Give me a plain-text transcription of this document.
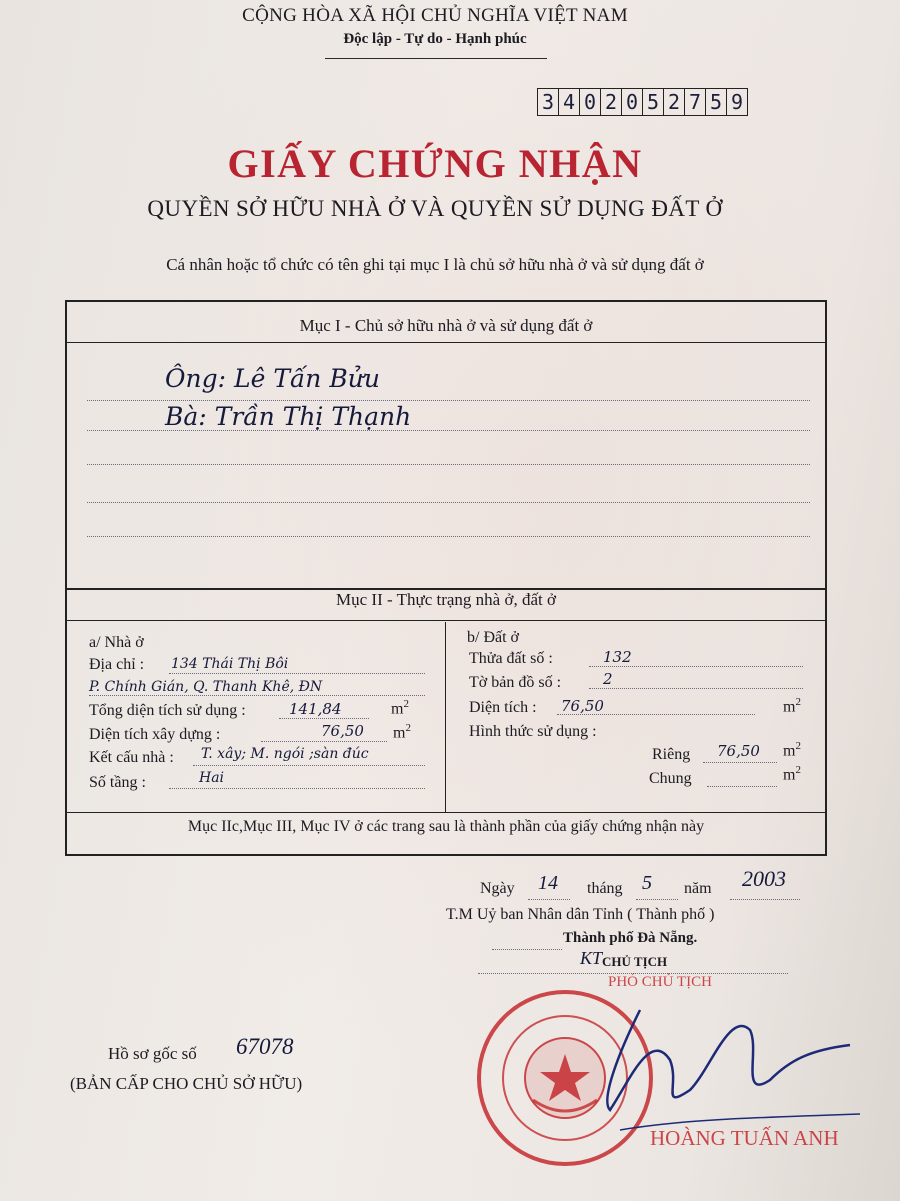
CỘNG HÒA XÃ HỘI CHỦ NGHĨA VIỆT NAM
Độc lập - Tự do - Hạnh phúc
3 4 0 2 0 5 2 7 5 9
GIẤY CHỨNG NHẬN
QUYỀN SỞ HỮU NHÀ Ở VÀ QUYỀN SỬ DỤNG ĐẤT Ở
Cá nhân hoặc tổ chức có tên ghi tại mục I là chủ sở hữu nhà ở và sử dụng đất ở
Mục I - Chủ sở hữu nhà ở và sử dụng đất ở
Ông: Lê Tấn Bửu
Bà: Trần Thị Thạnh
Mục II - Thực trạng nhà ở, đất ở
a/ Nhà ở
Địa chỉ : 134 Thái Thị Bôi
P. Chính Gián, Q. Thanh Khê, ĐN
Tổng diện tích sử dụng :	141,84	$m^2$
Diện tích xây dựng :	76,50 $m^2$
Kết cấu nhà : T. xây; M. ngói ;sàn đúc
Số tầng :	Hai
b/ Đất ở
Thửa đất số :	132
Tờ bản đồ số :	2
Diện tích : 76,50	$m^2$
Hình thức sử dụng :
Riêng 76,50 $m^2$
Chung	$m^2$
Mục IIc,Mục III, Mục IV ở các trang sau là thành phần của giấy chứng nhận này
Ngày 14 tháng 5 năm 2003
T.M Uỷ ban Nhân dân Tỉnh ( Thành phố )
Thành phố Đà Nẵng.
KT CHỦ TỊCH
PHÓ CHỦ TỊCH
HOÀNG TUẤN ANH
Hồ sơ gốc số 67078
(BẢN CẤP CHO CHỦ SỞ HỮU)
